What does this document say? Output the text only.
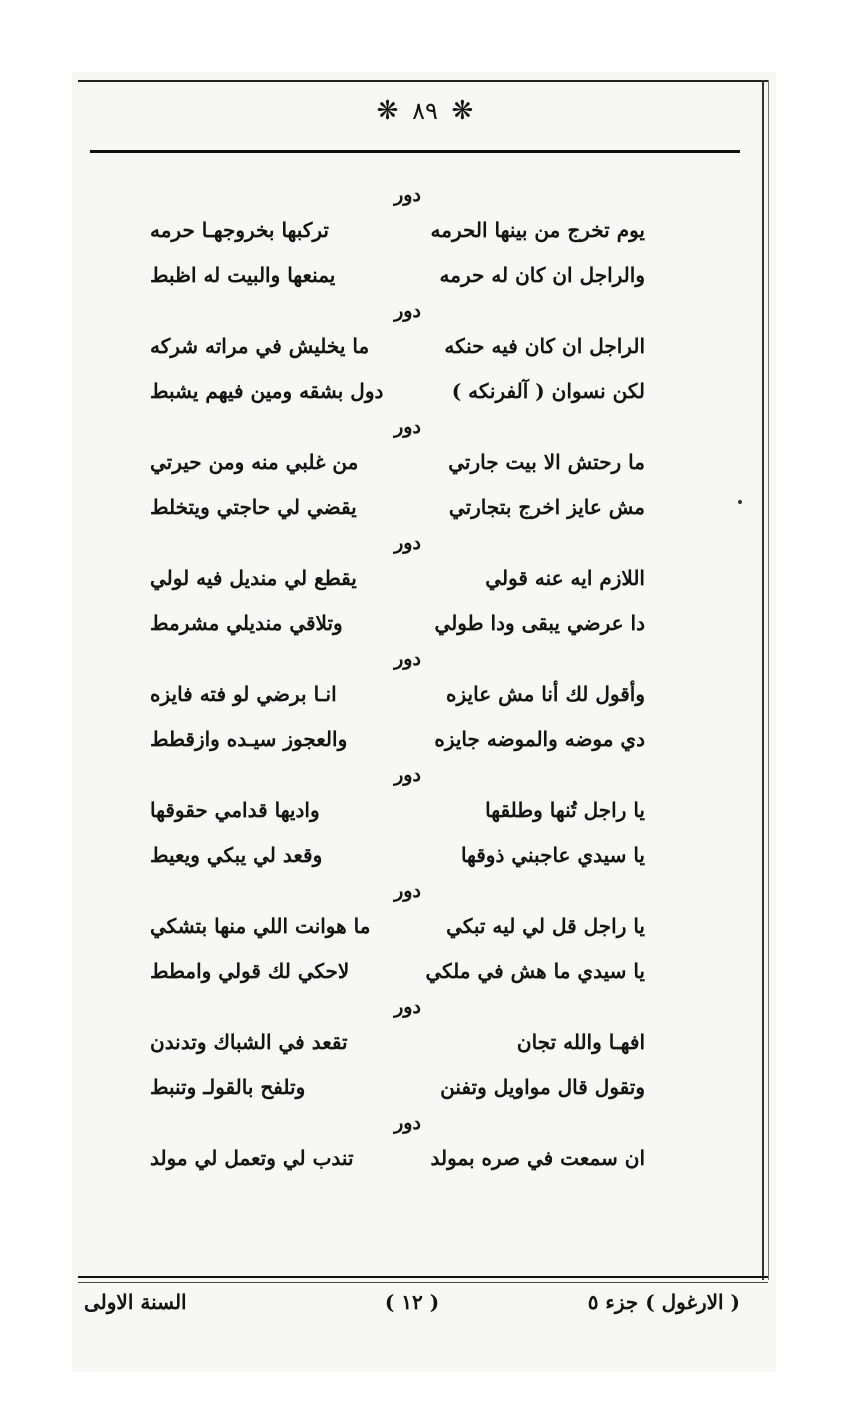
❋ ٨٩ ❋
دور
يوم تخرج من بينها الحرمه
تركبها بخروجهـا حرمه
والراجل ان كان له حرمه
يمنعها والبيت له اظبط
دور
الراجل ان كان فيه حنكه
ما يخليش في مراته شركه
لكن نسوان ( آلفرنكه )
دول بشقه ومين فيهم يشبط
دور
ما رحتش الا بيت جارتي
من غلبي منه ومن حيرتي
مش عايز اخرج بتجارتي
يقضي لي حاجتي ويتخلط
دور
اللازم ايه عنه قولي
يقطع لي منديل فيه لولي
دا عرضي يبقى ودا طولي
وتلاقي منديلي مشرمط
دور
وأقول لك أنا مش عايزه
انـا برضي لو فته فايزه
دي موضه والموضه جايزه
والعجوز سيـده وازقطط
دور
يا راجل تُنها وطلقها
واديها قدامي حقوقها
يا سيدي عاجبني ذوقها
وقعد لي يبكي ويعيط
دور
يا راجل قل لي ليه تبكي
ما هوانت اللي منها بتشكي
يا سيدي ما هش في ملكي
لاحكي لك قولي وامطط
دور
افهـا والله تجان
تقعد في الشباك وتدندن
وتقول قال مواويل وتفنن
وتلفح بالقولـ وتنبط
دور
ان سمعت في صره بمولد
تندب لي وتعمل لي مولد
( الارغول ) جزء ٥
( ١٢ )
السنة الاولى
